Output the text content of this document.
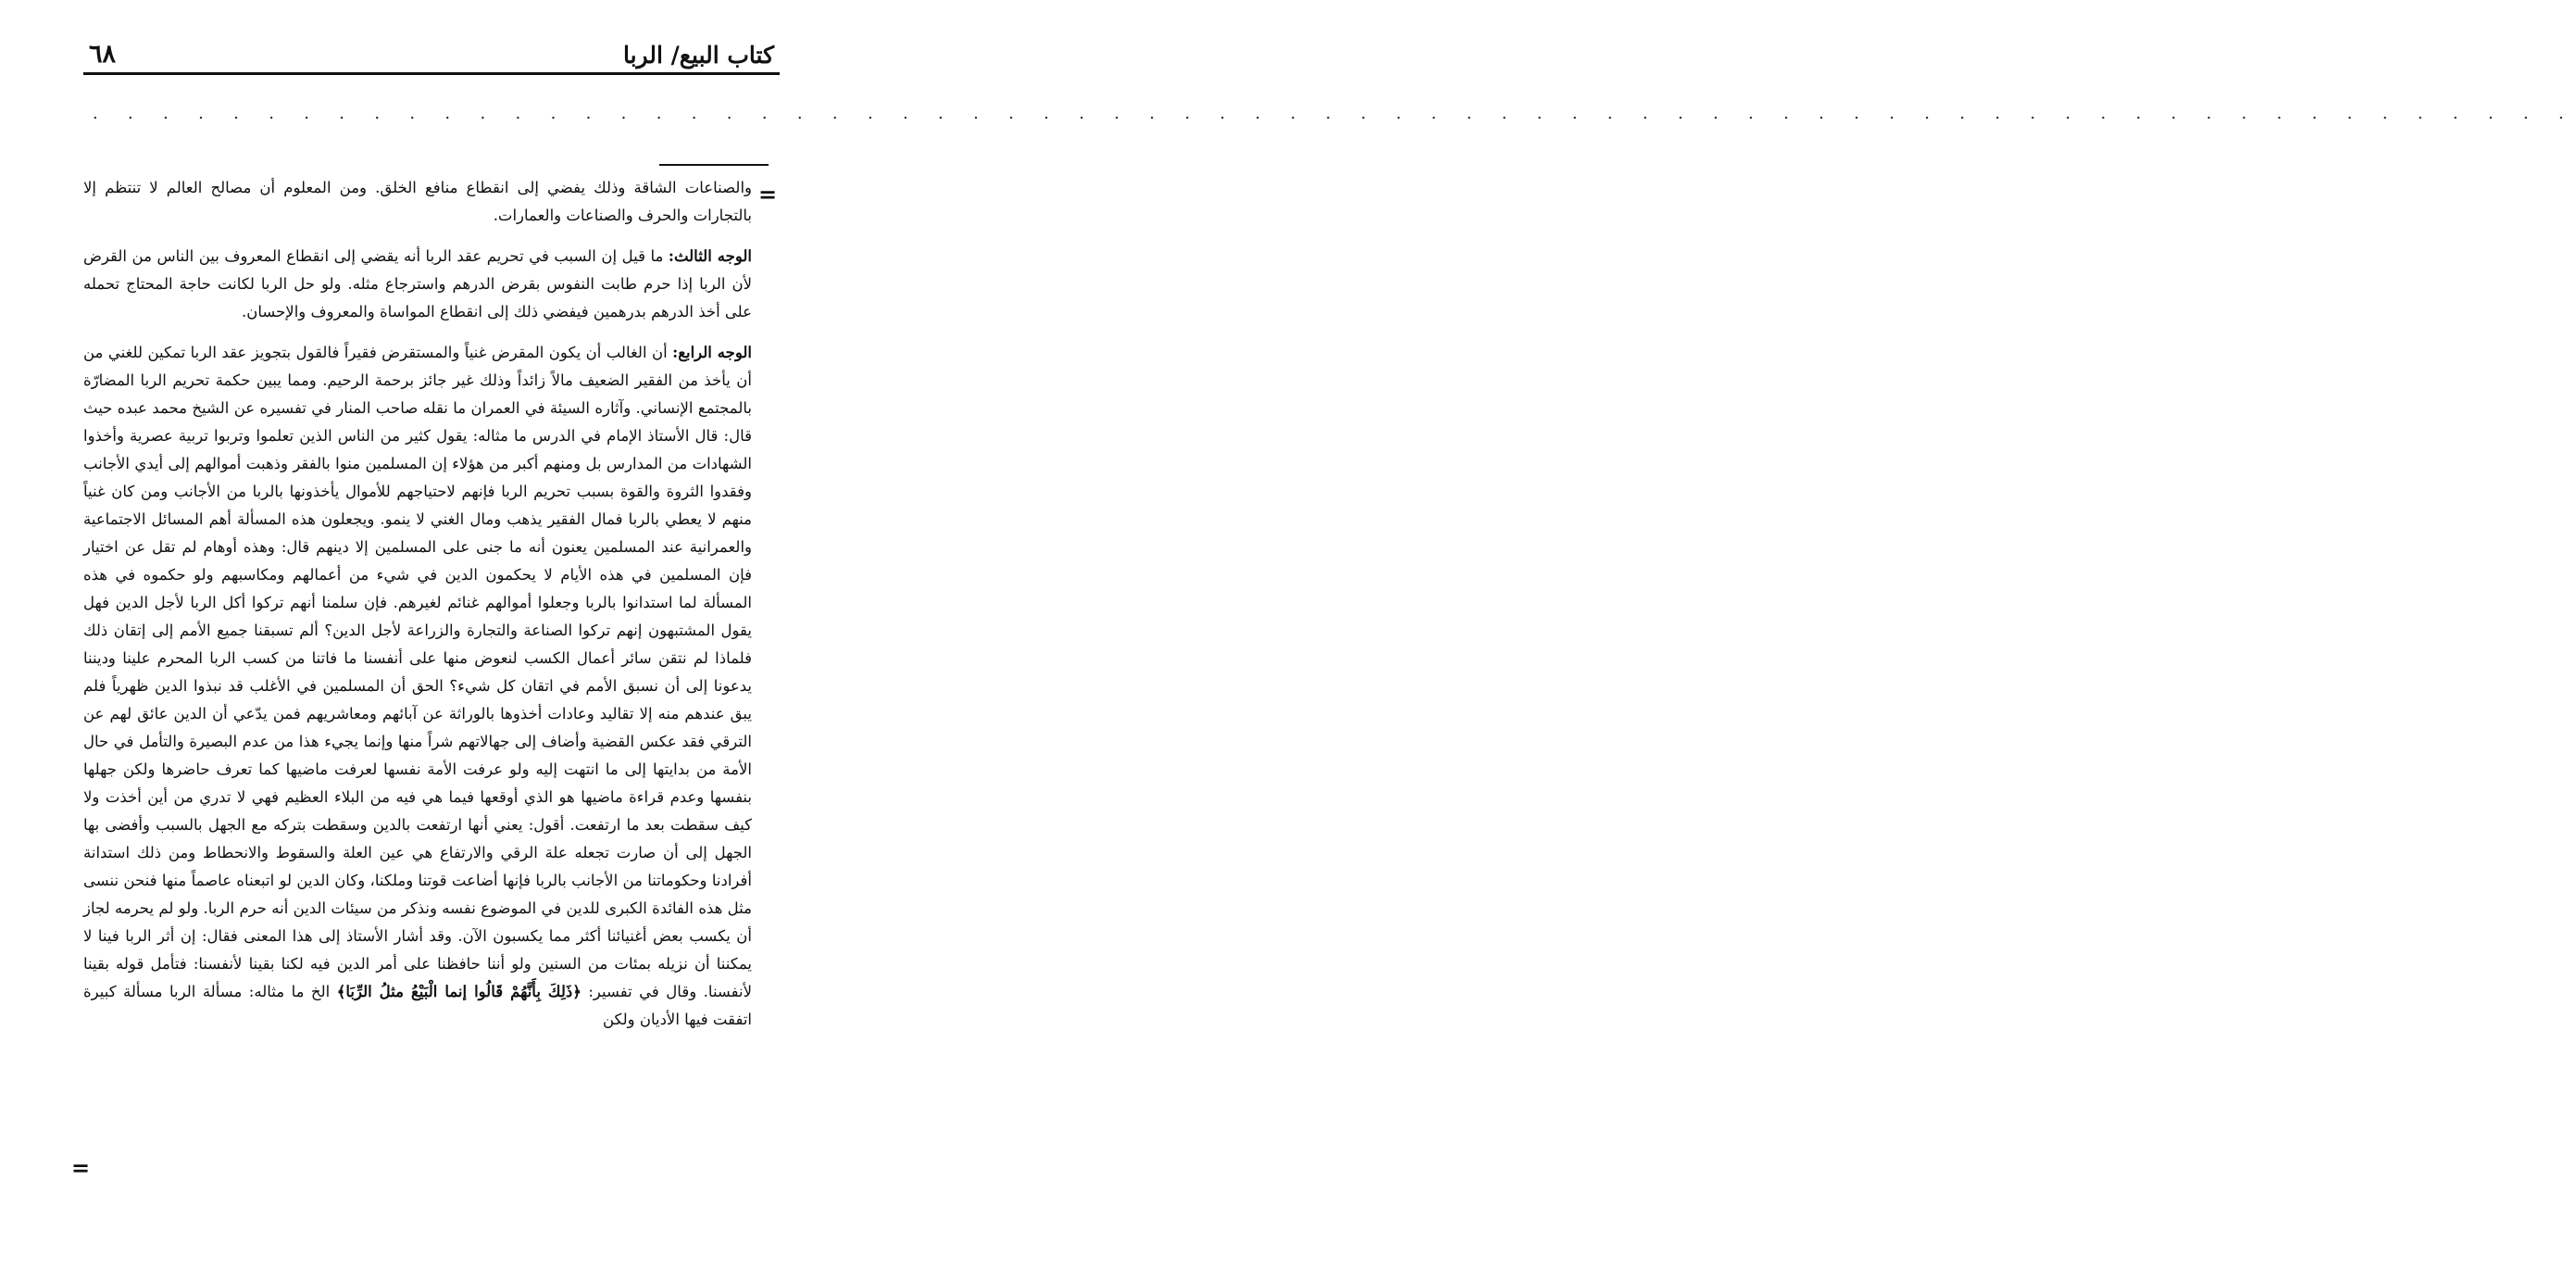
كتاب البيع/ الربا
٦٨
. . . . . . . . . . . . . . . . . . . . . . . . . . . . . . . . . . . . . . . . . . . . . . . . . . . . . . . . . . . . . . . . . . . . . . .
=

والصناعات الشاقة وذلك يفضي إلى انقطاع منافع الخلق. ومن المعلوم أن مصالح العالم لا تنتظم إلا بالتجارات والحرف والصناعات والعمارات.

الوجه الثالث: ما قيل إن السبب في تحريم عقد الربا أنه يقضي إلى انقطاع المعروف بين الناس من القرض لأن الربا إذا حرم طابت النفوس بقرض الدرهم واسترجاع مثله. ولو حل الربا لكانت حاجة المحتاج تحمله على أخذ الدرهم بدرهمين فيفضي ذلك إلى انقطاع المواساة والمعروف والإحسان.

الوجه الرابع: أن الغالب أن يكون المقرض غنياً والمستقرض فقيراً فالقول بتجويز عقد الربا تمكين للغني من أن يأخذ من الفقير الضعيف مالاً زائداً وذلك غير جائز برحمة الرحيم. ومما يبين حكمة تحريم الربا المضارّة بالمجتمع الإنساني. وآثاره السيئة في العمران ما نقله صاحب المنار في تفسيره عن الشيخ محمد عبده حيث قال: قال الأستاذ الإمام في الدرس ما مثاله: يقول كثير من الناس الذين تعلموا وتربوا تربية عصرية وأخذوا الشهادات من المدارس بل ومنهم أكبر من هؤلاء إن المسلمين منوا بالفقر وذهبت أموالهم إلى أيدي الأجانب وفقدوا الثروة والقوة بسبب تحريم الربا فإنهم لاحتياجهم للأموال يأخذونها بالربا من الأجانب ومن كان غنياً منهم لا يعطي بالربا فمال الفقير يذهب ومال الغني لا ينمو. ويجعلون هذه المسألة أهم المسائل الاجتماعية والعمرانية عند المسلمين يعنون أنه ما جنى على المسلمين إلا دينهم قال: وهذه أوهام لم تقل عن اختيار فإن المسلمين في هذه الأيام لا يحكمون الدين في شيء من أعمالهم ومكاسبهم ولو حكموه في هذه المسألة لما استدانوا بالربا وجعلوا أموالهم غنائم لغيرهم. فإن سلمنا أنهم تركوا أكل الربا لأجل الدين فهل يقول المشتبهون إنهم تركوا الصناعة والتجارة والزراعة لأجل الدين؟ ألم تسبقنا جميع الأمم إلى إتقان ذلك فلماذا لم نتقن سائر أعمال الكسب لنعوض منها على أنفسنا ما فاتنا من كسب الربا المحرم علينا وديننا يدعونا إلى أن نسبق الأمم في اتقان كل شيء؟ الحق أن المسلمين في الأغلب قد نبذوا الدين ظهرياً فلم يبق عندهم منه إلا تقاليد وعادات أخذوها بالوراثة عن آبائهم ومعاشريهم فمن يدّعي أن الدين عائق لهم عن الترقي فقد عكس القضية وأضاف إلى جهالاتهم شراً منها وإنما يجيء هذا من عدم البصيرة والتأمل في حال الأمة من بدايتها إلى ما انتهت إليه ولو عرفت الأمة نفسها لعرفت ماضيها كما تعرف حاضرها ولكن جهلها بنفسها وعدم قراءة ماضيها هو الذي أوقعها فيما هي فيه من البلاء العظيم فهي لا تدري من أين أخذت ولا كيف سقطت بعد ما ارتفعت. أقول: يعني أنها ارتفعت بالدين وسقطت بتركه مع الجهل بالسبب وأفضى بها الجهل إلى أن صارت تجعله علة الرقي والارتفاع هي عين العلة والسقوط والانحطاط ومن ذلك استدانة أفرادنا وحكوماتنا من الأجانب بالربا فإنها أضاعت قوتنا وملكنا، وكان الدين لو اتبعناه عاصماً منها فنحن ننسى مثل هذه الفائدة الكبرى للدين في الموضوع نفسه ونذكر من سيئات الدين أنه حرم الربا. ولو لم يحرمه لجاز أن يكسب بعض أغنيائنا أكثر مما يكسبون الآن. وقد أشار الأستاذ إلى هذا المعنى فقال: إن أثر الربا فينا لا يمكننا أن نزيله بمئات من السنين ولو أننا حافظنا على أمر الدين فيه لكنا بقينا لأنفسنا: فتأمل قوله بقينا لأنفسنا. وقال في تفسير: ﴿ذَلِكَ بِأَنَّهُمْ قَالُوا إنما الْبَيْعُ مثلُ الرِّبَا﴾ الخ ما مثاله: مسألة الربا مسألة كبيرة اتفقت فيها الأديان ولكن

=
